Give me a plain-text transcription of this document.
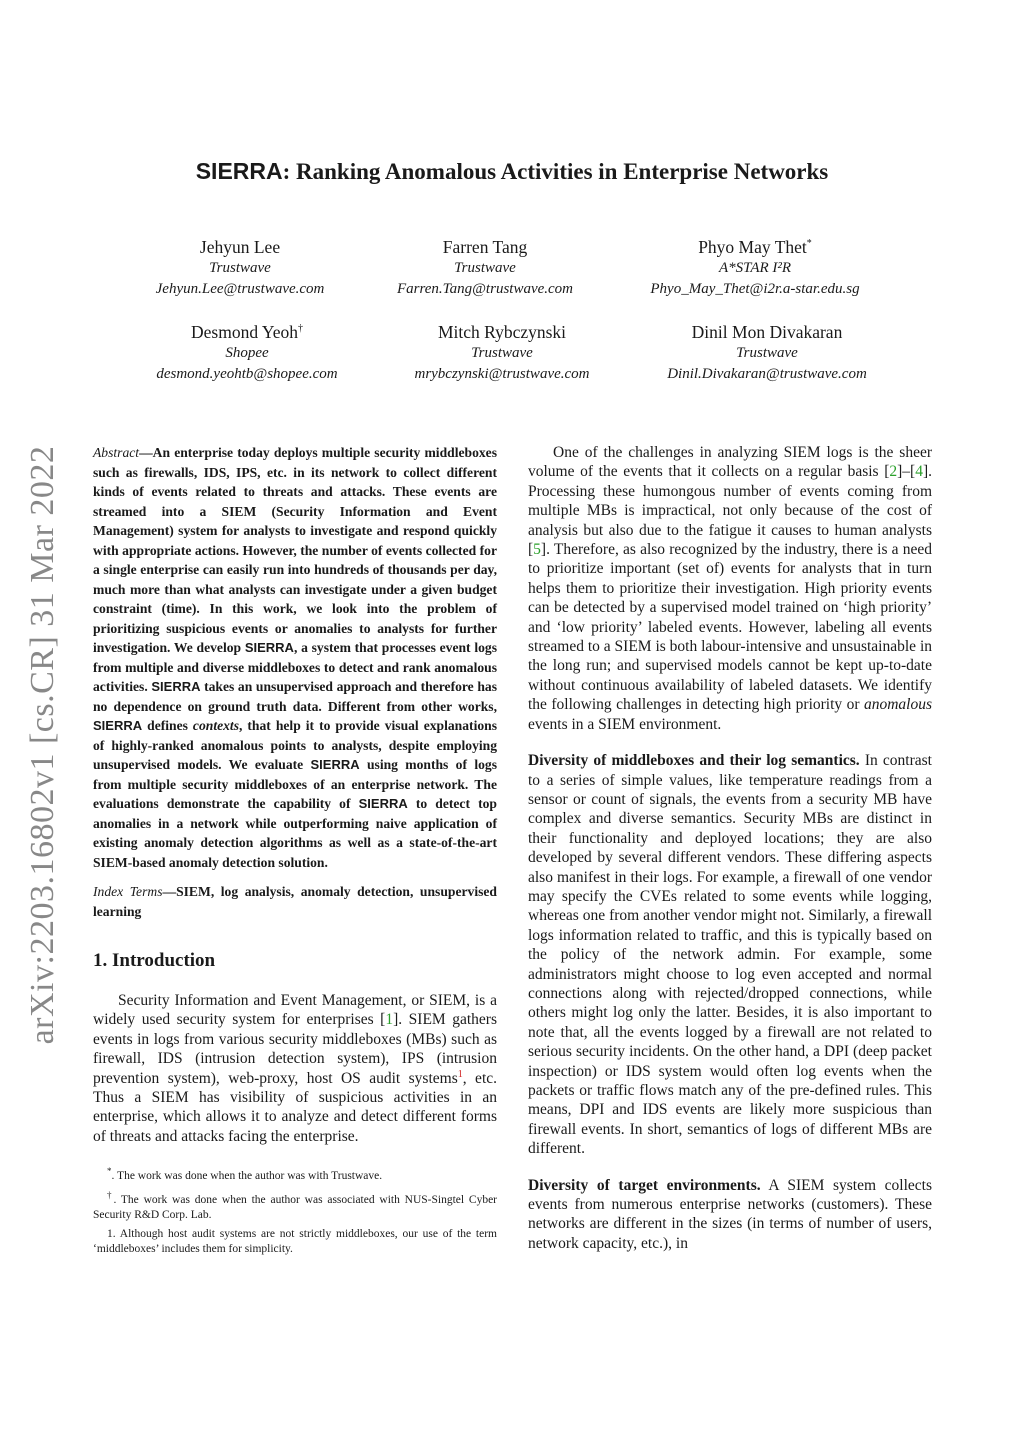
arXiv:2203.16802v1 [cs.CR] 31 Mar 2022
SIERRA: Ranking Anomalous Activities in Enterprise Networks
Jehyun Lee
Trustwave
Jehyun.Lee@trustwave.com
Farren Tang
Trustwave
Farren.Tang@trustwave.com
Phyo May Thet*
A*STAR I²R
Phyo_May_Thet@i2r.a-star.edu.sg
Desmond Yeoh†
Shopee
desmond.yeohtb@shopee.com
Mitch Rybczynski
Trustwave
mrybczynski@trustwave.com
Dinil Mon Divakaran
Trustwave
Dinil.Divakaran@trustwave.com

Abstract—An enterprise today deploys multiple security middleboxes such as firewalls, IDS, IPS, etc. in its network to collect different kinds of events related to threats and attacks. These events are streamed into a SIEM (Security Information and Event Management) system for analysts to investigate and respond quickly with appropriate actions. However, the number of events collected for a single enterprise can easily run into hundreds of thousands per day, much more than what analysts can investigate under a given budget constraint (time). In this work, we look into the problem of prioritizing suspicious events or anomalies to analysts for further investigation. We develop SIERRA, a system that processes event logs from multiple and diverse middleboxes to detect and rank anomalous activities. SIERRA takes an unsupervised approach and therefore has no dependence on ground truth data. Different from other works, SIERRA defines contexts, that help it to provide visual explanations of highly-ranked anomalous points to analysts, despite employing unsupervised models. We evaluate SIERRA using months of logs from multiple security middleboxes of an enterprise network. The evaluations demonstrate the capability of SIERRA to detect top anomalies in a network while outperforming naive application of existing anomaly detection algorithms as well as a state-of-the-art SIEM-based anomaly detection solution.

Index Terms—SIEM, log analysis, anomaly detection, unsupervised learning

1. Introduction

Security Information and Event Management, or SIEM, is a widely used security system for enterprises [1]. SIEM gathers events in logs from various security middleboxes (MBs) such as firewall, IDS (intrusion detection system), IPS (intrusion prevention system), web-proxy, host OS audit systems$^1$, etc. Thus a SIEM has visibility of suspicious activities in an enterprise, which allows it to analyze and detect different forms of threats and attacks facing the enterprise.

*. The work was done when the author was with Trustwave.

†. The work was done when the author was associated with NUS-Singtel Cyber Security R&D Corp. Lab.

1. Although host audit systems are not strictly middleboxes, our use of the term ‘middleboxes’ includes them for simplicity.

One of the challenges in analyzing SIEM logs is the sheer volume of the events that it collects on a regular basis [2]–[4]. Processing these humongous number of events coming from multiple MBs is impractical, not only because of the cost of analysis but also due to the fatigue it causes to human analysts [5]. Therefore, as also recognized by the industry, there is a need to prioritize important (set of) events for analysts that in turn helps them to prioritize their investigation. High priority events can be detected by a supervised model trained on ‘high priority’ and ‘low priority’ labeled events. However, labeling all events streamed to a SIEM is both labour-intensive and unsustainable in the long run; and supervised models cannot be kept up-to-date without continuous availability of labeled datasets. We identify the following challenges in detecting high priority or anomalous events in a SIEM environment.

Diversity of middleboxes and their log semantics. In contrast to a series of simple values, like temperature readings from a sensor or count of signals, the events from a security MB have complex and diverse semantics. Security MBs are distinct in their functionality and deployed locations; they are also developed by several different vendors. These differing aspects also manifest in their logs. For example, a firewall of one vendor may specify the CVEs related to some events while logging, whereas one from another vendor might not. Similarly, a firewall logs information related to traffic, and this is typically based on the policy of the network admin. For example, some administrators might choose to log even accepted and normal connections along with rejected/dropped connections, while others might log only the latter. Besides, it is also important to note that, all the events logged by a firewall are not related to serious security incidents. On the other hand, a DPI (deep packet inspection) or IDS system would often log events when the packets or traffic flows match any of the pre-defined rules. This means, DPI and IDS events are likely more suspicious than firewall events. In short, semantics of logs of different MBs are different.

Diversity of target environments. A SIEM system collects events from numerous enterprise networks (customers). These networks are different in the sizes (in terms of number of users, network capacity, etc.), in
